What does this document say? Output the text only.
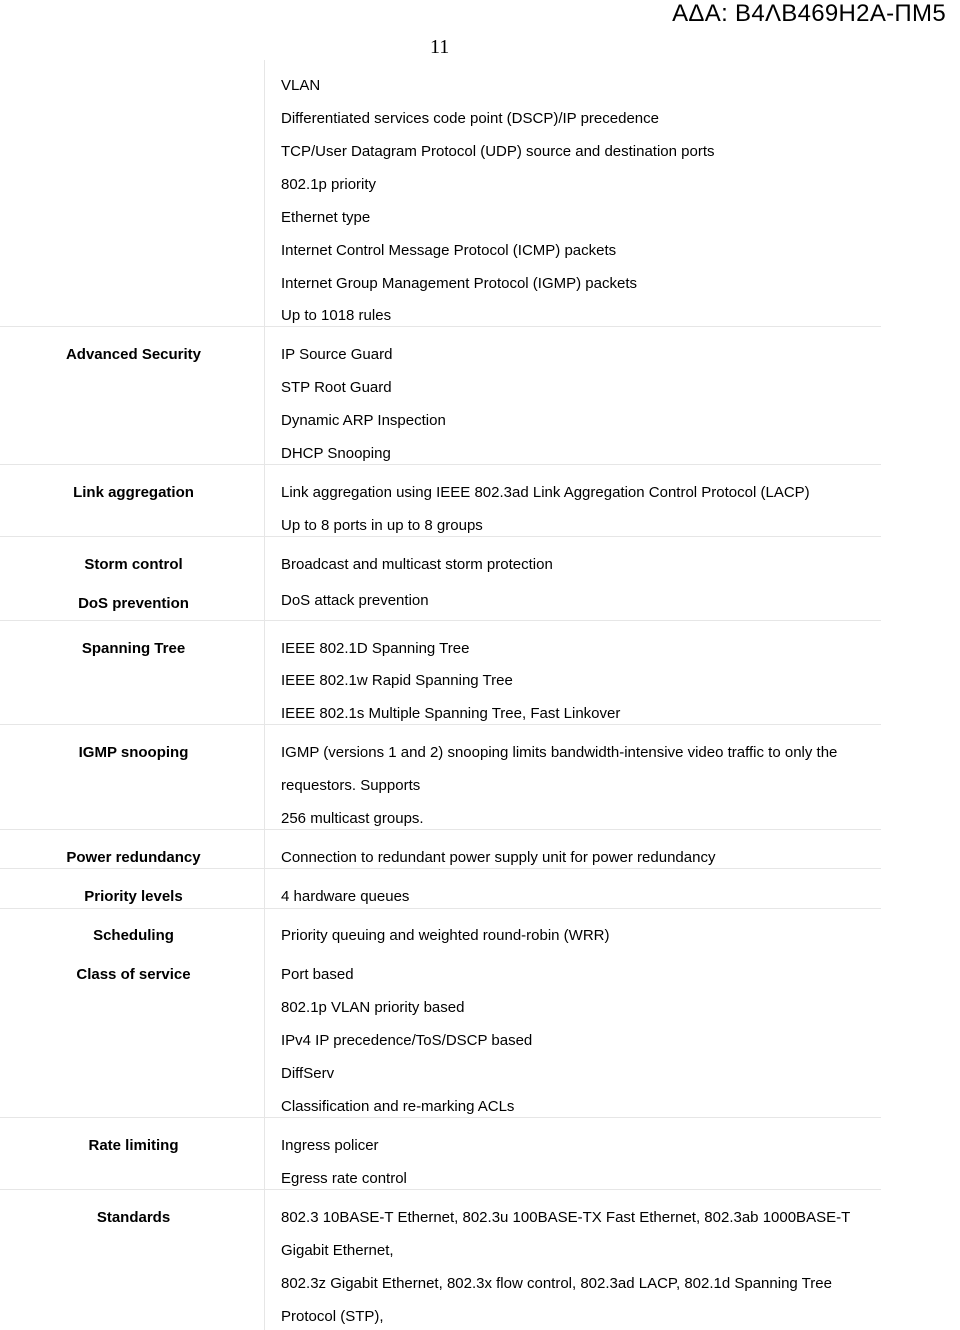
ΑΔΑ: Β4ΛΒ469Η2Α-ΠΜ5
11
VLAN
Differentiated services code point (DSCP)/IP precedence
TCP/User Datagram Protocol (UDP) source and destination ports
802.1p priority
Ethernet type
Internet Control Message Protocol (ICMP) packets
Internet Group Management Protocol (IGMP) packets
Up to 1018 rules
Advanced Security	IP Source Guard
STP Root Guard
Dynamic ARP Inspection
DHCP Snooping
Link aggregation	Link aggregation using IEEE 802.3ad Link Aggregation Control Protocol (LACP)
Up to 8 ports in up to 8 groups
Storm control	Broadcast and multicast storm protection
DoS prevention	DoS attack prevention
Spanning Tree	IEEE 802.1D Spanning Tree
IEEE 802.1w Rapid Spanning Tree
IEEE 802.1s Multiple Spanning Tree, Fast Linkover
IGMP snooping	IGMP (versions 1 and 2) snooping limits bandwidth-intensive video traffic to only the
requestors. Supports
256 multicast groups.
Power redundancy	Connection to redundant power supply unit for power redundancy
Priority levels	4 hardware queues
Scheduling	Priority queuing and weighted round-robin (WRR)
Class of service	Port based
802.1p VLAN priority based
IPv4 IP precedence/ToS/DSCP based
DiffServ
Classification and re-marking ACLs
Rate limiting	Ingress policer
Egress rate control
Standards	802.3 10BASE-T Ethernet, 802.3u 100BASE-TX Fast Ethernet, 802.3ab 1000BASE-T
Gigabit Ethernet,
802.3z Gigabit Ethernet, 802.3x flow control, 802.3ad LACP, 802.1d Spanning Tree
Protocol (STP),
